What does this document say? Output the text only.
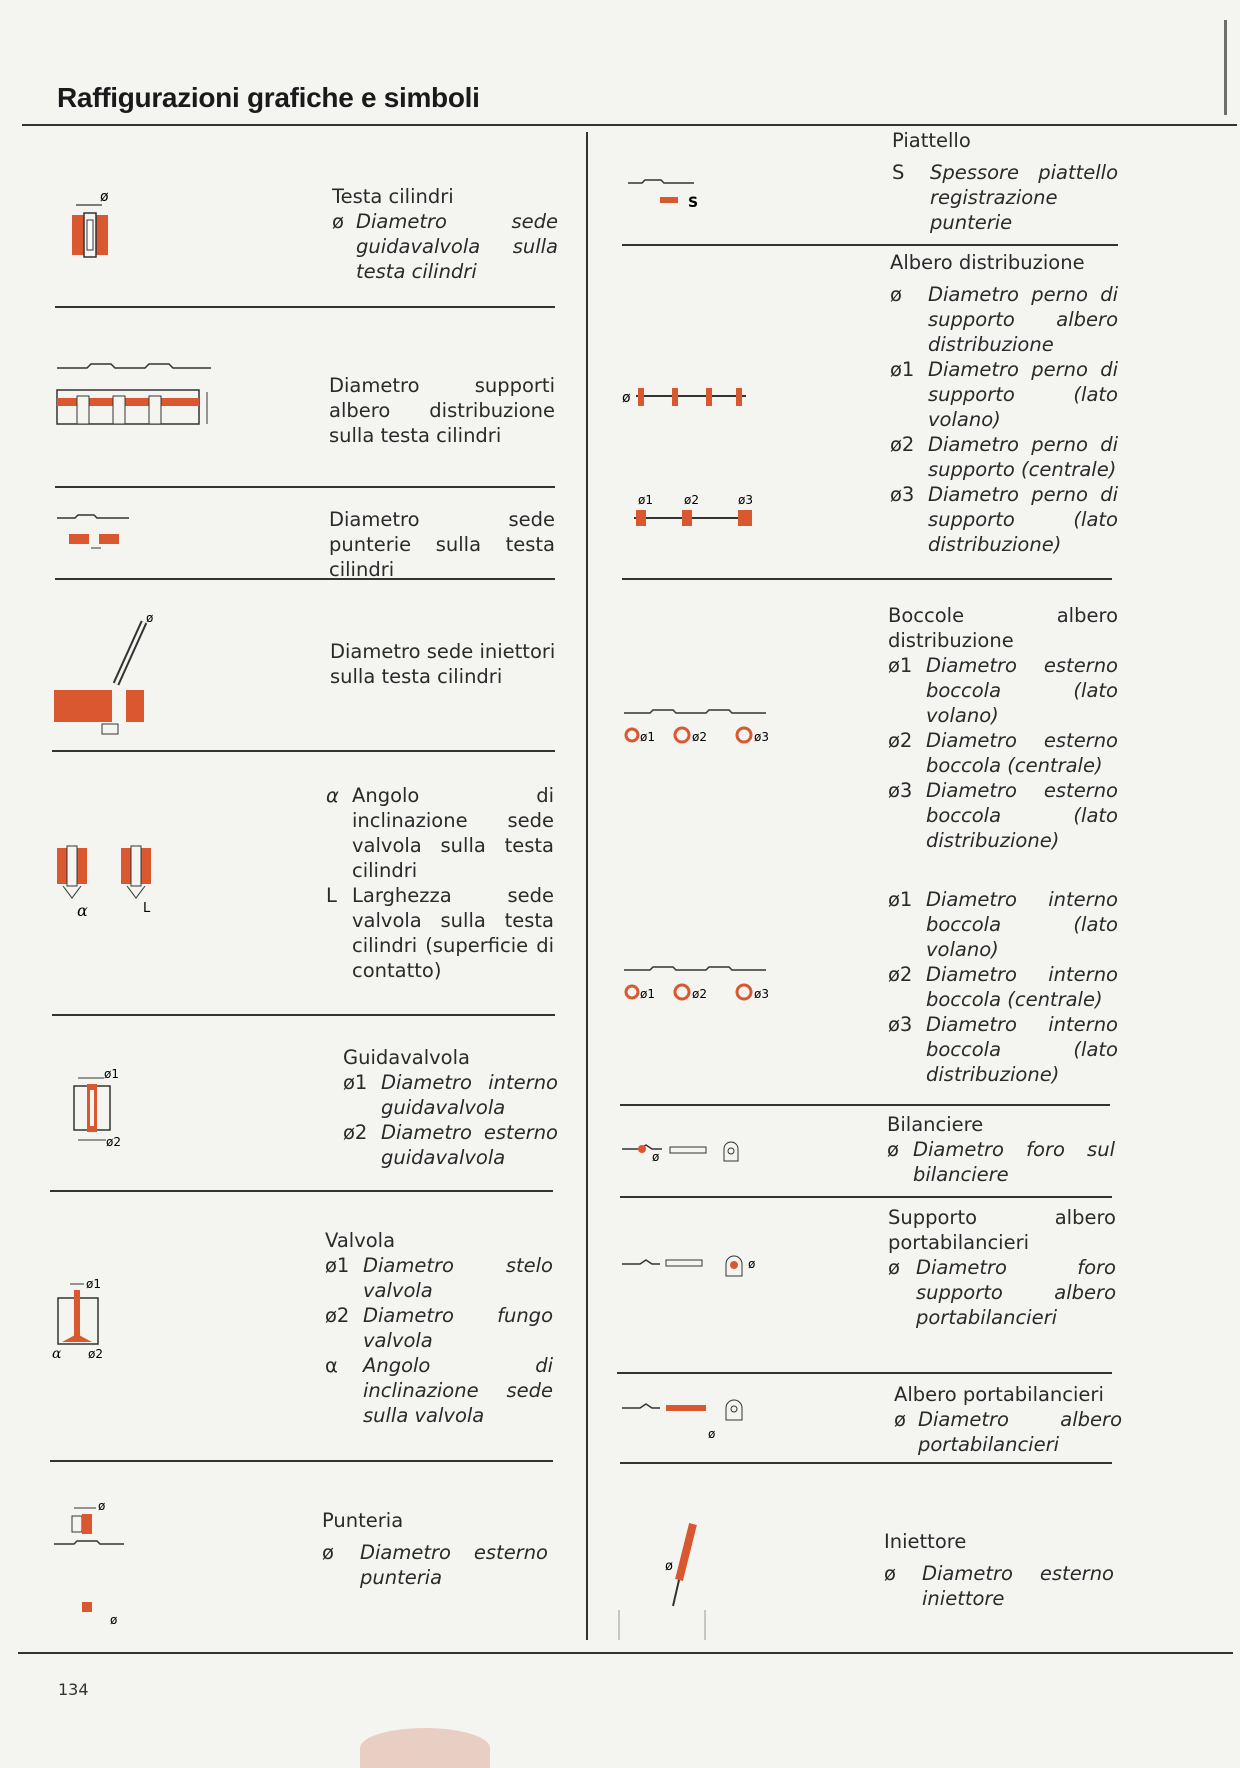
Raffigurazioni grafiche e simboli
Testa cilindri
ø Diametro sede guidavalvola sulla testa cilindri
Diametro supporti albero distribuzione sulla testa cilindri
Diametro sede punterie sulla testa cilindri
Diametro sede iniettori sulla testa cilindri
α Angolo di inclinazione sede valvola sulla testa cilindri
L Larghezza sede valvola sulla testa cilindri (superficie di contatto)
Guidavalvola
ø1 Diametro interno guidavalvola
ø2 Diametro esterno guidavalvola
Valvola
ø1 Diametro stelo valvola
ø2 Diametro fungo valvola
α	Angolo di inclinazione sede sulla valvola
Punteria
ø	Diametro esterno punteria
Piattello
S	Spessore piattello registrazione punterie
Albero distribuzione
ø	Diametro perno di supporto albero distribuzione
ø1 Diametro perno di supporto (lato volano)
ø2 Diametro perno di supporto (centrale)
ø3 Diametro perno di supporto (lato distribuzione)
Boccole albero distribuzione
ø1 Diametro esterno boccola (lato volano)
ø2 Diametro esterno boccola (centrale)
ø3 Diametro esterno boccola (lato distribuzione)
ø1 Diametro interno boccola (lato volano)
ø2 Diametro interno boccola (centrale)
ø3 Diametro interno boccola (lato distribuzione)
Bilanciere
ø Diametro foro sul bilanciere
Supporto albero portabilancieri
ø Diametro foro supporto albero portabilancieri
Albero portabilancieri
ø Diametro albero portabilancieri
Iniettore
ø	Diametro esterno iniettore
ø
ø
α	L
ø1
ø2
ø1
α ø2
ø
ø
S
ø
ø1	ø2	ø3
ø1	ø2	ø3
ø1	ø2	ø3
ø
ø
ø
ø
134
